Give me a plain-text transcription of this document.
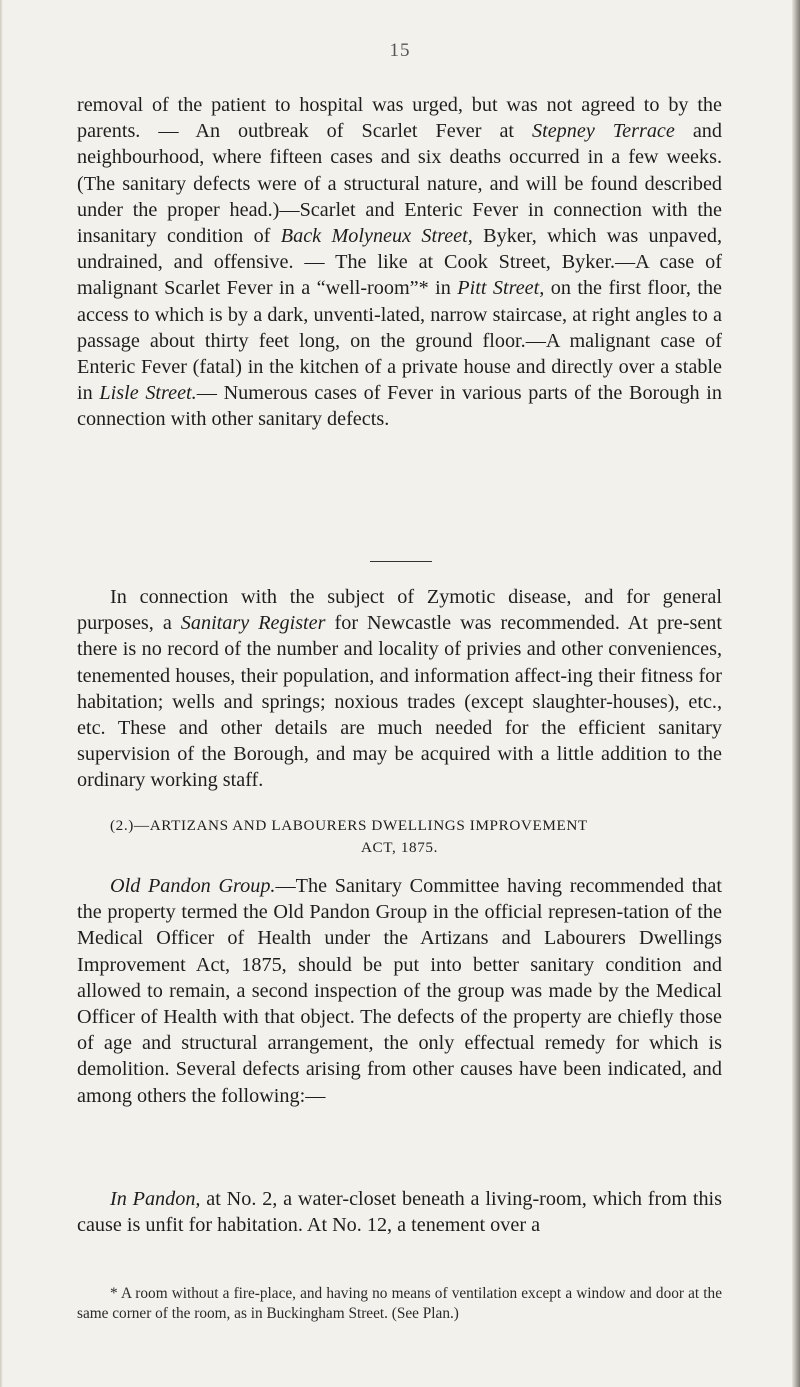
15

removal of the patient to hospital was urged, but was not agreed to by the parents. — An outbreak of Scarlet Fever at Stepney Terrace and neighbourhood, where fifteen cases and six deaths occurred in a few weeks. (The sanitary defects were of a structural nature, and will be found described under the proper head.)—Scarlet and Enteric Fever in connection with the insanitary condition of Back Molyneux Street, Byker, which was unpaved, undrained, and offensive. — The like at Cook Street, Byker.—A case of malignant Scarlet Fever in a “well-room”* in Pitt Street, on the first floor, the access to which is by a dark, unventi-lated, narrow staircase, at right angles to a passage about thirty feet long, on the ground floor.—A malignant case of Enteric Fever (fatal) in the kitchen of a private house and directly over a stable in Lisle Street.— Numerous cases of Fever in various parts of the Borough in connection with other sanitary defects.

In connection with the subject of Zymotic disease, and for general purposes, a Sanitary Register for Newcastle was recommended. At pre-sent there is no record of the number and locality of privies and other conveniences, tenemented houses, their population, and information affect-ing their fitness for habitation; wells and springs; noxious trades (except slaughter-houses), etc., etc. These and other details are much needed for the efficient sanitary supervision of the Borough, and may be acquired with a little addition to the ordinary working staff.

(2.)—ARTIZANS AND LABOURERS DWELLINGS IMPROVEMENT
ACT, 1875.

Old Pandon Group.—The Sanitary Committee having recommended that the property termed the Old Pandon Group in the official represen-tation of the Medical Officer of Health under the Artizans and Labourers Dwellings Improvement Act, 1875, should be put into better sanitary condition and allowed to remain, a second inspection of the group was made by the Medical Officer of Health with that object. The defects of the property are chiefly those of age and structural arrangement, the only effectual remedy for which is demolition. Several defects arising from other causes have been indicated, and among others the following:—

In Pandon, at No. 2, a water-closet beneath a living-room, which from this cause is unfit for habitation. At No. 12, a tenement over a

* A room without a fire-place, and having no means of ventilation except a window and door at the same corner of the room, as in Buckingham Street. (See Plan.)
